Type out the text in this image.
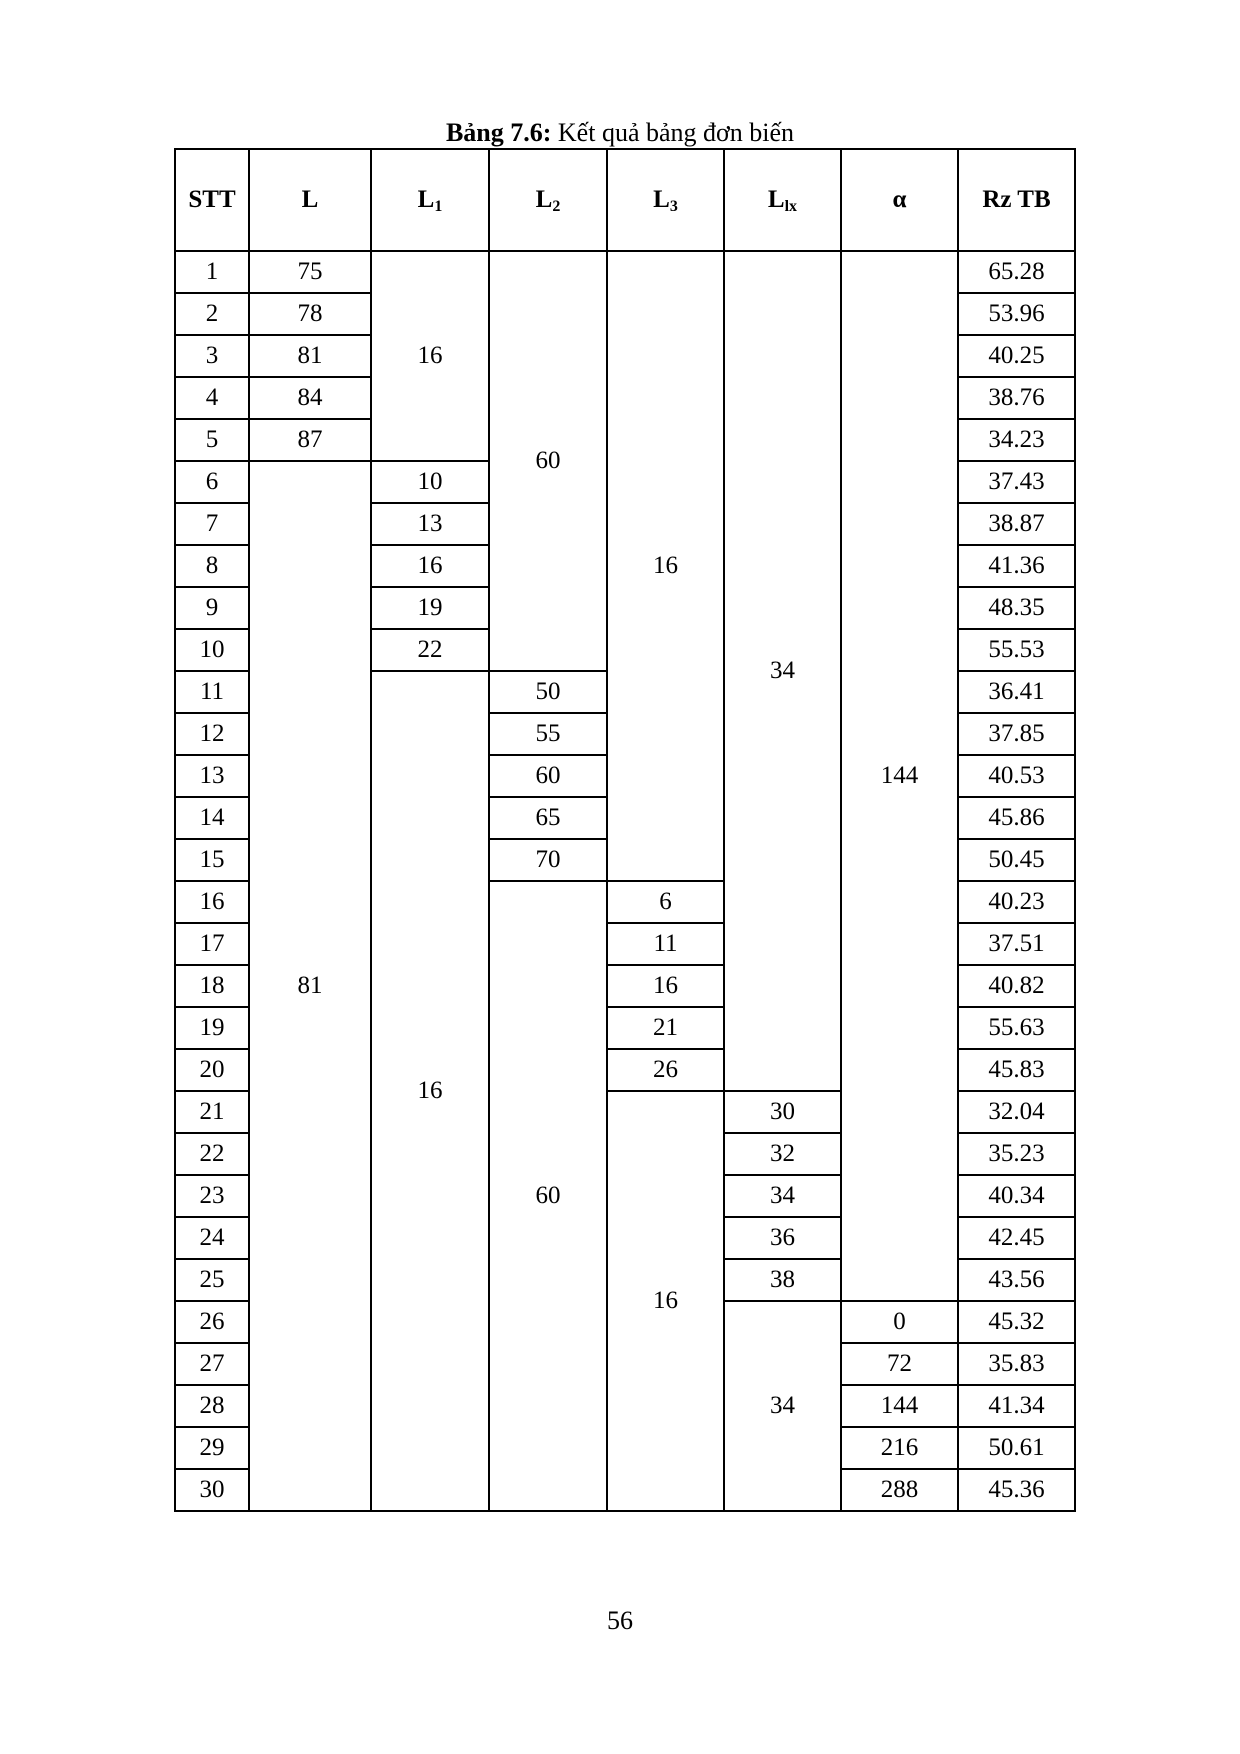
Bảng 7.6: Kết quả bảng đơn biến
STT	L	$L_1$	$L_2$	$L_3$	$L_{lx}$	α	Rz TB
1	75	16	60	16	34	144	65.28
2	78						53.96
3	81						40.25
4	84						38.76
5	87						34.23
6	81	10					37.43
7		13					38.87
8		16					41.36
9		19					48.35
10		22					55.53
11		16	50				36.41
12			55				37.85
13			60				40.53
14			65				45.86
15			70				50.45
16			60	6			40.23
17				11			37.51
18				16			40.82
19				21			55.63
20				26			45.83
21				16	30		32.04
22					32		35.23
23					34		40.34
24					36		42.45
25					38		43.56
26					34	0	45.32
27						72	35.83
28						144	41.34
29						216	50.61
30						288	45.36
56
